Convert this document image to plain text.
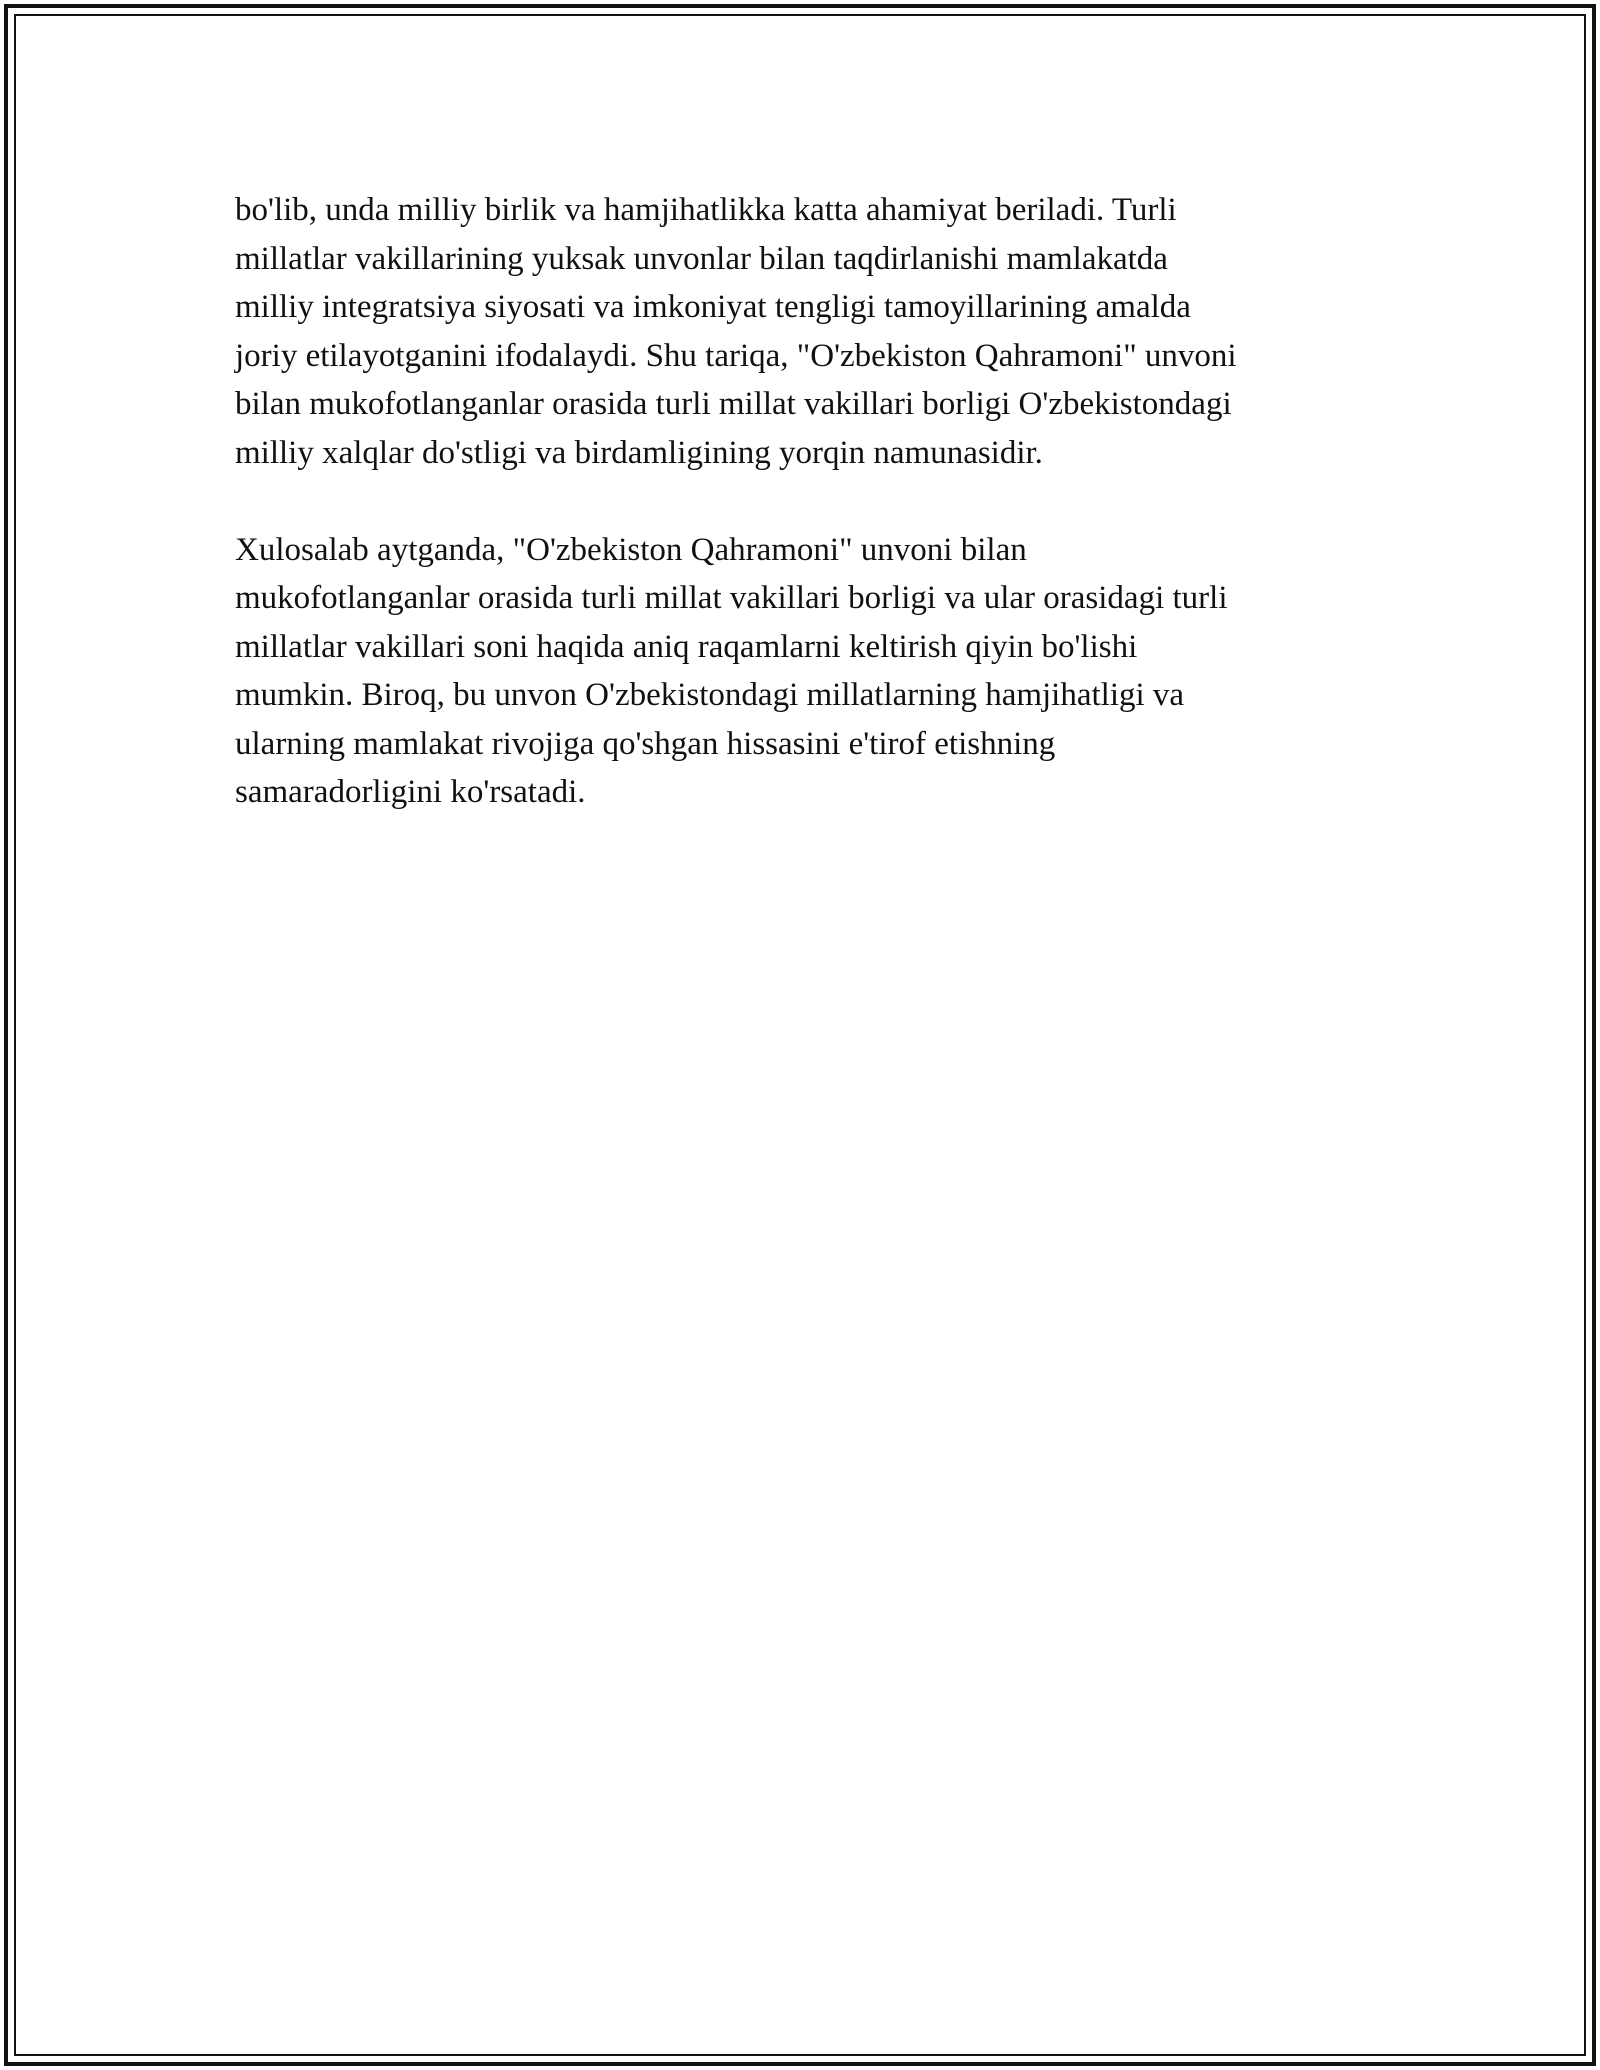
bo'lib, unda milliy birlik va hamjihatlikka katta ahamiyat beriladi. Turli
millatlar vakillarining yuksak unvonlar bilan taqdirlanishi mamlakatda
milliy integratsiya siyosati va imkoniyat tengligi tamoyillarining amalda
joriy etilayotganini ifodalaydi. Shu tariqa, "O'zbekiston Qahramoni" unvoni
bilan mukofotlanganlar orasida turli millat vakillari borligi O'zbekistondagi
milliy xalqlar do'stligi va birdamligining yorqin namunasidir.

Xulosalab aytganda, "O'zbekiston Qahramoni" unvoni bilan
mukofotlanganlar orasida turli millat vakillari borligi va ular orasidagi turli
millatlar vakillari soni haqida aniq raqamlarni keltirish qiyin bo'lishi
mumkin. Biroq, bu unvon O'zbekistondagi millatlarning hamjihatligi va
ularning mamlakat rivojiga qo'shgan hissasini e'tirof etishning
samaradorligini ko'rsatadi.
